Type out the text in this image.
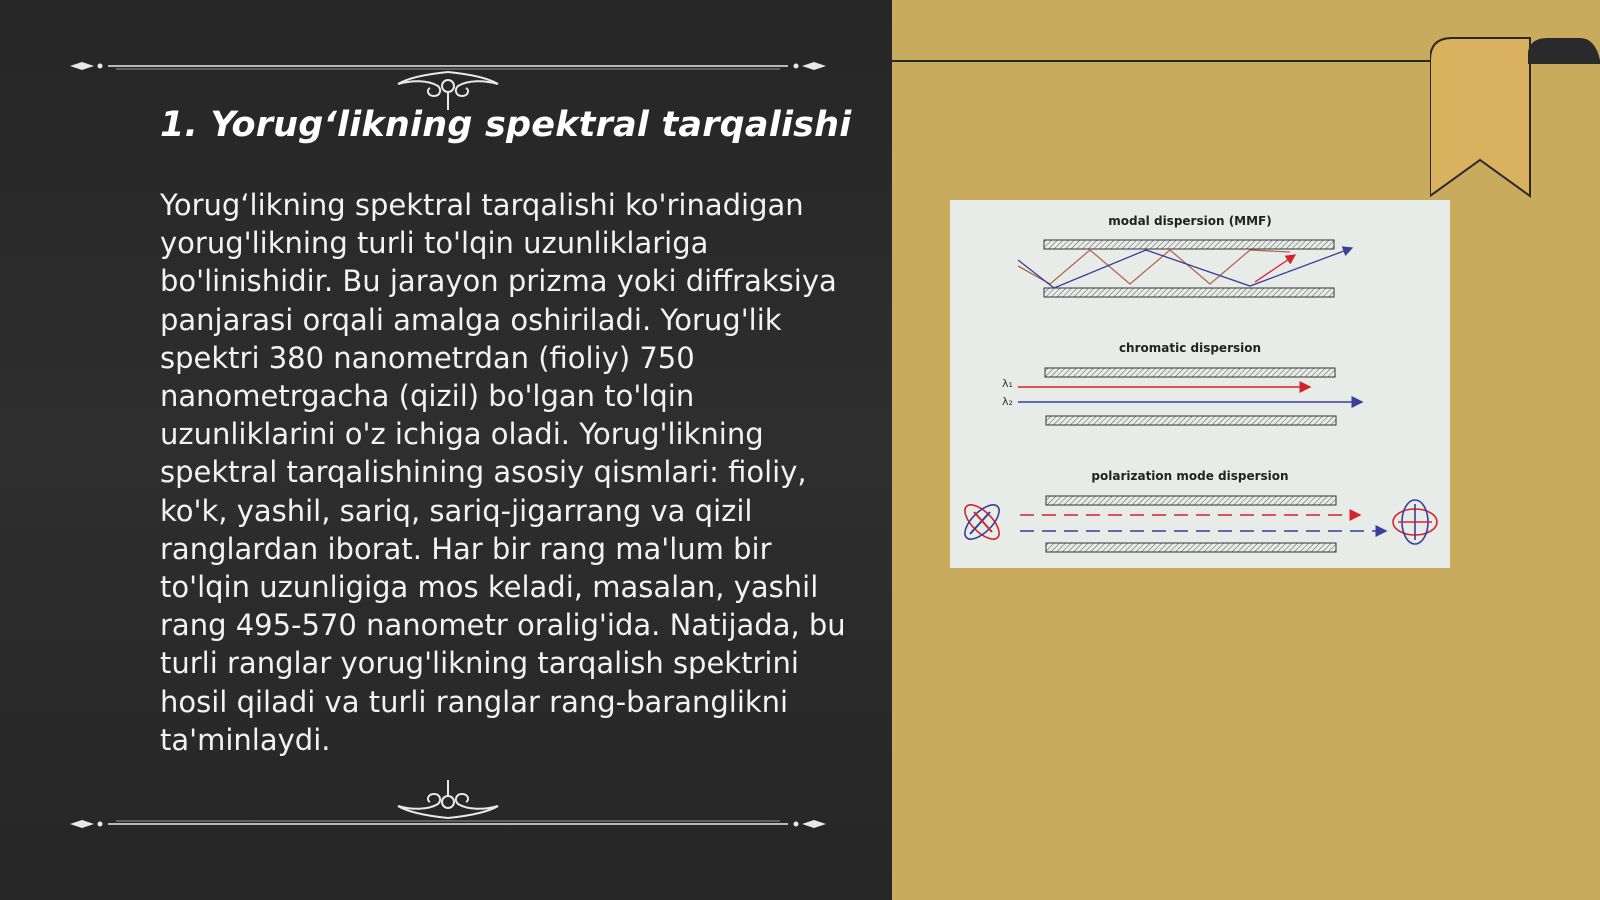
1. Yorug‘likning spektral tarqalishi

Yorug‘likning spektral tarqalishi ko'rinadigan yorug'likning turli to'lqin uzunliklariga bo'linishidir. Bu jarayon prizma yoki diffraksiya panjarasi orqali amalga oshiriladi. Yorug'lik spektri 380 nanometrdan (fioliy) 750 nanometrgacha (qizil) bo'lgan to'lqin uzunliklarini o'z ichiga oladi. Yorug'likning spektral tarqalishining asosiy qismlari: fioliy, ko'k, yashil, sariq, sariq-jigarrang va qizil ranglardan iborat. Har bir rang ma'lum bir to'lqin uzunligiga mos keladi, masalan, yashil rang 495-570 nanometr oralig'ida. Natijada, bu turli ranglar yorug'likning tarqalish spektrini hosil qiladi va turli ranglar rang-baranglikni ta'minlaydi.

modal dispersion (MMF)
chromatic dispersion
λ₁
λ₂
polarization mode dispersion
